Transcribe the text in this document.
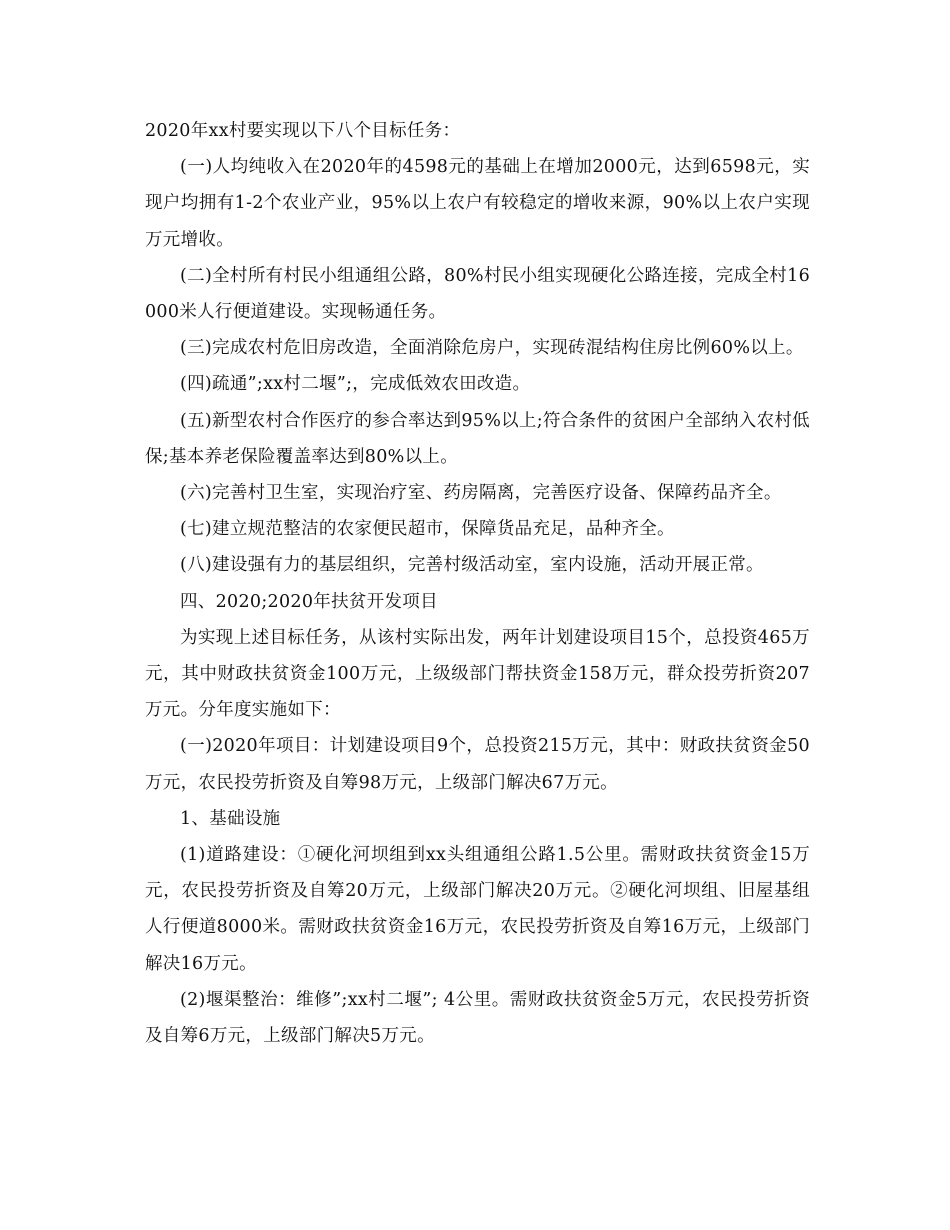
2020年xx村要实现以下八个目标任务：

(一)人均纯收入在2020年的4598元的基础上在增加2000元，达到6598元，实现户均拥有1-2个农业产业，95%以上农户有较稳定的增收来源，90%以上农户实现万元增收。

(二)全村所有村民小组通组公路，80%村民小组实现硬化公路连接，完成全村16000米人行便道建设。实现畅通任务。

(三)完成农村危旧房改造，全面消除危房户，实现砖混结构住房比例60%以上。

(四)疏通”;xx村二堰”;，完成低效农田改造。

(五)新型农村合作医疗的参合率达到95%以上;符合条件的贫困户全部纳入农村低保;基本养老保险覆盖率达到80%以上。

(六)完善村卫生室，实现治疗室、药房隔离，完善医疗设备、保障药品齐全。

(七)建立规范整洁的农家便民超市，保障货品充足，品种齐全。

(八)建设强有力的基层组织，完善村级活动室，室内设施，活动开展正常。

四、2020;2020年扶贫开发项目

为实现上述目标任务，从该村实际出发，两年计划建设项目15个，总投资465万元，其中财政扶贫资金100万元，上级级部门帮扶资金158万元，群众投劳折资207万元。分年度实施如下：

(一)2020年项目：计划建设项目9个，总投资215万元，其中：财政扶贫资金50万元，农民投劳折资及自筹98万元，上级部门解决67万元。

1、基础设施

(1)道路建设：①硬化河坝组到xx头组通组公路1.5公里。需财政扶贫资金15万元，农民投劳折资及自筹20万元，上级部门解决20万元。②硬化河坝组、旧屋基组人行便道8000米。需财政扶贫资金16万元，农民投劳折资及自筹16万元，上级部门解决16万元。

(2)堰渠整治：维修”;xx村二堰”; 4公里。需财政扶贫资金5万元，农民投劳折资及自筹6万元，上级部门解决5万元。
